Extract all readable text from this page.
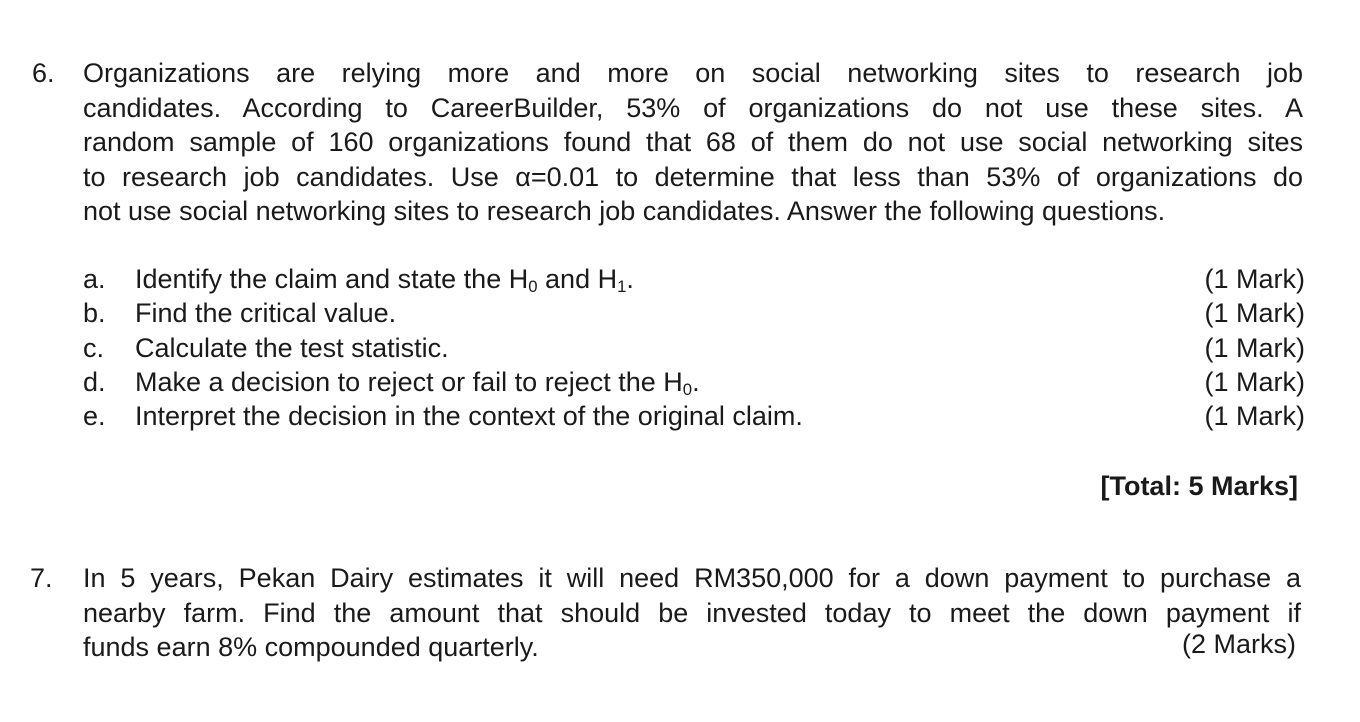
6. Organizations are relying more and more on social networking sites to research job
candidates. According to CareerBuilder, 53% of organizations do not use these sites. A
random sample of 160 organizations found that 68 of them do not use social networking sites
to research job candidates. Use α=0.01 to determine that less than 53% of organizations do
not use social networking sites to research job candidates. Answer the following questions.

a. Identify the claim and state the $H_0$ and $H_1$.	(1 Mark)
b. Find the critical value.	(1 Mark)
c. Calculate the test statistic.	(1 Mark)
d. Make a decision to reject or fail to reject the $H_0$.	(1 Mark)
e. Interpret the decision in the context of the original claim.	(1 Mark)
[Total: 5 Marks]
7. In 5 years, Pekan Dairy estimates it will need RM350,000 for a down payment to purchase a
nearby farm. Find the amount that should be invested today to meet the down payment if
funds earn 8% compounded quarterly.	(2 Marks)
